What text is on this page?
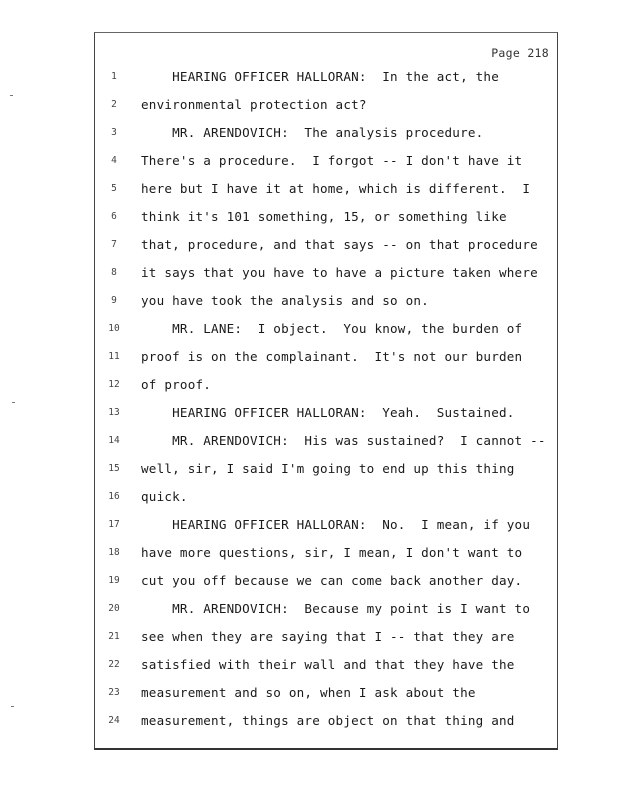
Page 218
1	HEARING OFFICER HALLORAN:  In the act, the
2	environmental protection act?
3	MR. ARENDOVICH:  The analysis procedure.
4	There's a procedure.  I forgot -- I don't have it
5	here but I have it at home, which is different.  I
6	think it's 101 something, 15, or something like
7	that, procedure, and that says -- on that procedure
8	it says that you have to have a picture taken where
9	you have took the analysis and so on.
10	MR. LANE:  I object.  You know, the burden of
11	proof is on the complainant.  It's not our burden
12	of proof.
13	HEARING OFFICER HALLORAN:  Yeah.  Sustained.
14	MR. ARENDOVICH:  His was sustained?  I cannot --
15	well, sir, I said I'm going to end up this thing
16	quick.
17	HEARING OFFICER HALLORAN:  No.  I mean, if you
18	have more questions, sir, I mean, I don't want to
19	cut you off because we can come back another day.
20	MR. ARENDOVICH:  Because my point is I want to
21	see when they are saying that I -- that they are
22	satisfied with their wall and that they have the
23	measurement and so on, when I ask about the
24	measurement, things are object on that thing and
